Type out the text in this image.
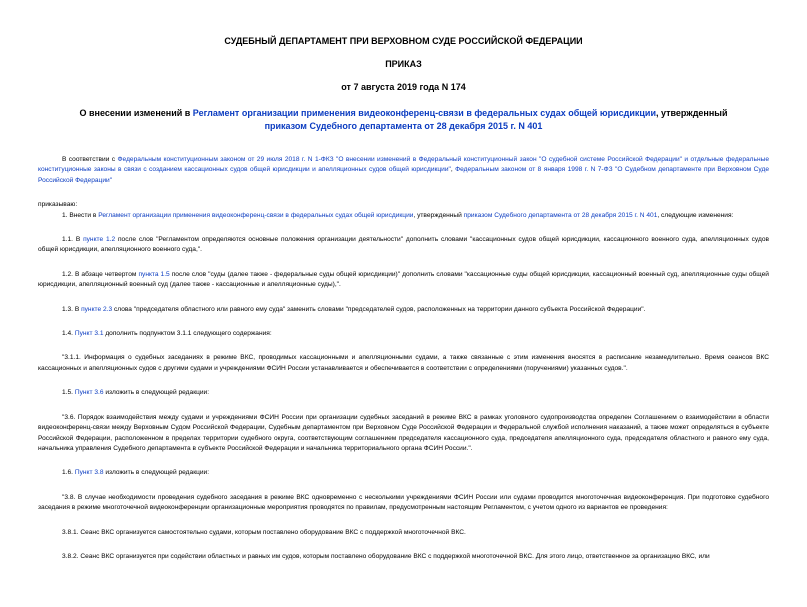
СУДЕБНЫЙ ДЕПАРТАМЕНТ ПРИ ВЕРХОВНОМ СУДЕ РОССИЙСКОЙ ФЕДЕРАЦИИ
ПРИКАЗ
от 7 августа 2019 года N 174
О внесении изменений в Регламент организации применения видеоконференц-связи в федеральных судах общей юрисдикции, утвержденный приказом Судебного департамента от 28 декабря 2015 г. N 401

В соответствии с Федеральным конституционным законом от 29 июля 2018 г. N 1-ФКЗ "О внесении изменений в Федеральный конституционный закон "О судебной системе Российской Федерации" и отдельные федеральные конституционные законы в связи с созданием кассационных судов общей юрисдикции и апелляционных судов общей юрисдикции", Федеральным законом от 8 января 1998 г. N 7-ФЗ "О Судебном департаменте при Верховном Суде Российской Федерации"

приказываю:

1. Внести в Регламент организации применения видеоконференц-связи в федеральных судах общей юрисдикции, утвержденный приказом Судебного департамента от 28 декабря 2015 г. N 401, следующие изменения:

1.1. В пункте 1.2 после слов "Регламентом определяются основные положения организации деятельности" дополнить словами "кассационных судов общей юрисдикции, кассационного военного суда, апелляционных судов общей юрисдикции, апелляционного военного суда,".

1.2. В абзаце четвертом пункта 1.5 после слов "суды (далее также - федеральные суды общей юрисдикции)" дополнить словами "кассационные суды общей юрисдикции, кассационный военный суд, апелляционные суды общей юрисдикции, апелляционный военный суд (далее также - кассационные и апелляционные суды),".

1.3. В пункте 2.3 слова "председателя областного или равного ему суда" заменить словами "председателей судов, расположенных на территории данного субъекта Российской Федерации".

1.4. Пункт 3.1 дополнить подпунктом 3.1.1 следующего содержания:

"3.1.1. Информация о судебных заседаниях в режиме ВКС, проводимых кассационными и апелляционными судами, а также связанные с этим изменения вносятся в расписание незамедлительно. Время сеансов ВКС кассационных и апелляционных судов с другими судами и учреждениями ФСИН России устанавливается и обеспечивается в соответствии с определениями (поручениями) указанных судов.".

1.5. Пункт 3.6 изложить в следующей редакции:

"3.6. Порядок взаимодействия между судами и учреждениями ФСИН России при организации судебных заседаний в режиме ВКС в рамках уголовного судопроизводства определен Соглашением о взаимодействии в области видеоконференц-связи между Верховным Судом Российской Федерации, Судебным департаментом при Верховном Суде Российской Федерации и Федеральной службой исполнения наказаний, а также может определяться в субъекте Российской Федерации, расположенном в пределах территории судебного округа, соответствующим соглашением председателя кассационного суда, председателя апелляционного суда, председателя областного и равного ему суда, начальника управления Судебного департамента в субъекте Российской Федерации и начальника территориального органа ФСИН России.".

1.6. Пункт 3.8 изложить в следующей редакции:

"3.8. В случае необходимости проведения судебного заседания в режиме ВКС одновременно с несколькими учреждениями ФСИН России или судами проводится многоточечная видеоконференция. При подготовке судебного заседания в режиме многоточечной видеоконференции организационные мероприятия проводятся по правилам, предусмотренным настоящим Регламентом, с учетом одного из вариантов ее проведения:

3.8.1. Сеанс ВКС организуется самостоятельно судами, которым поставлено оборудование ВКС с поддержкой многоточечной ВКС.

3.8.2. Сеанс ВКС организуется при содействии областных и равных им судов, которым поставлено оборудование ВКС с поддержкой многоточечной ВКС. Для этого лицо, ответственное за организацию ВКС, или
